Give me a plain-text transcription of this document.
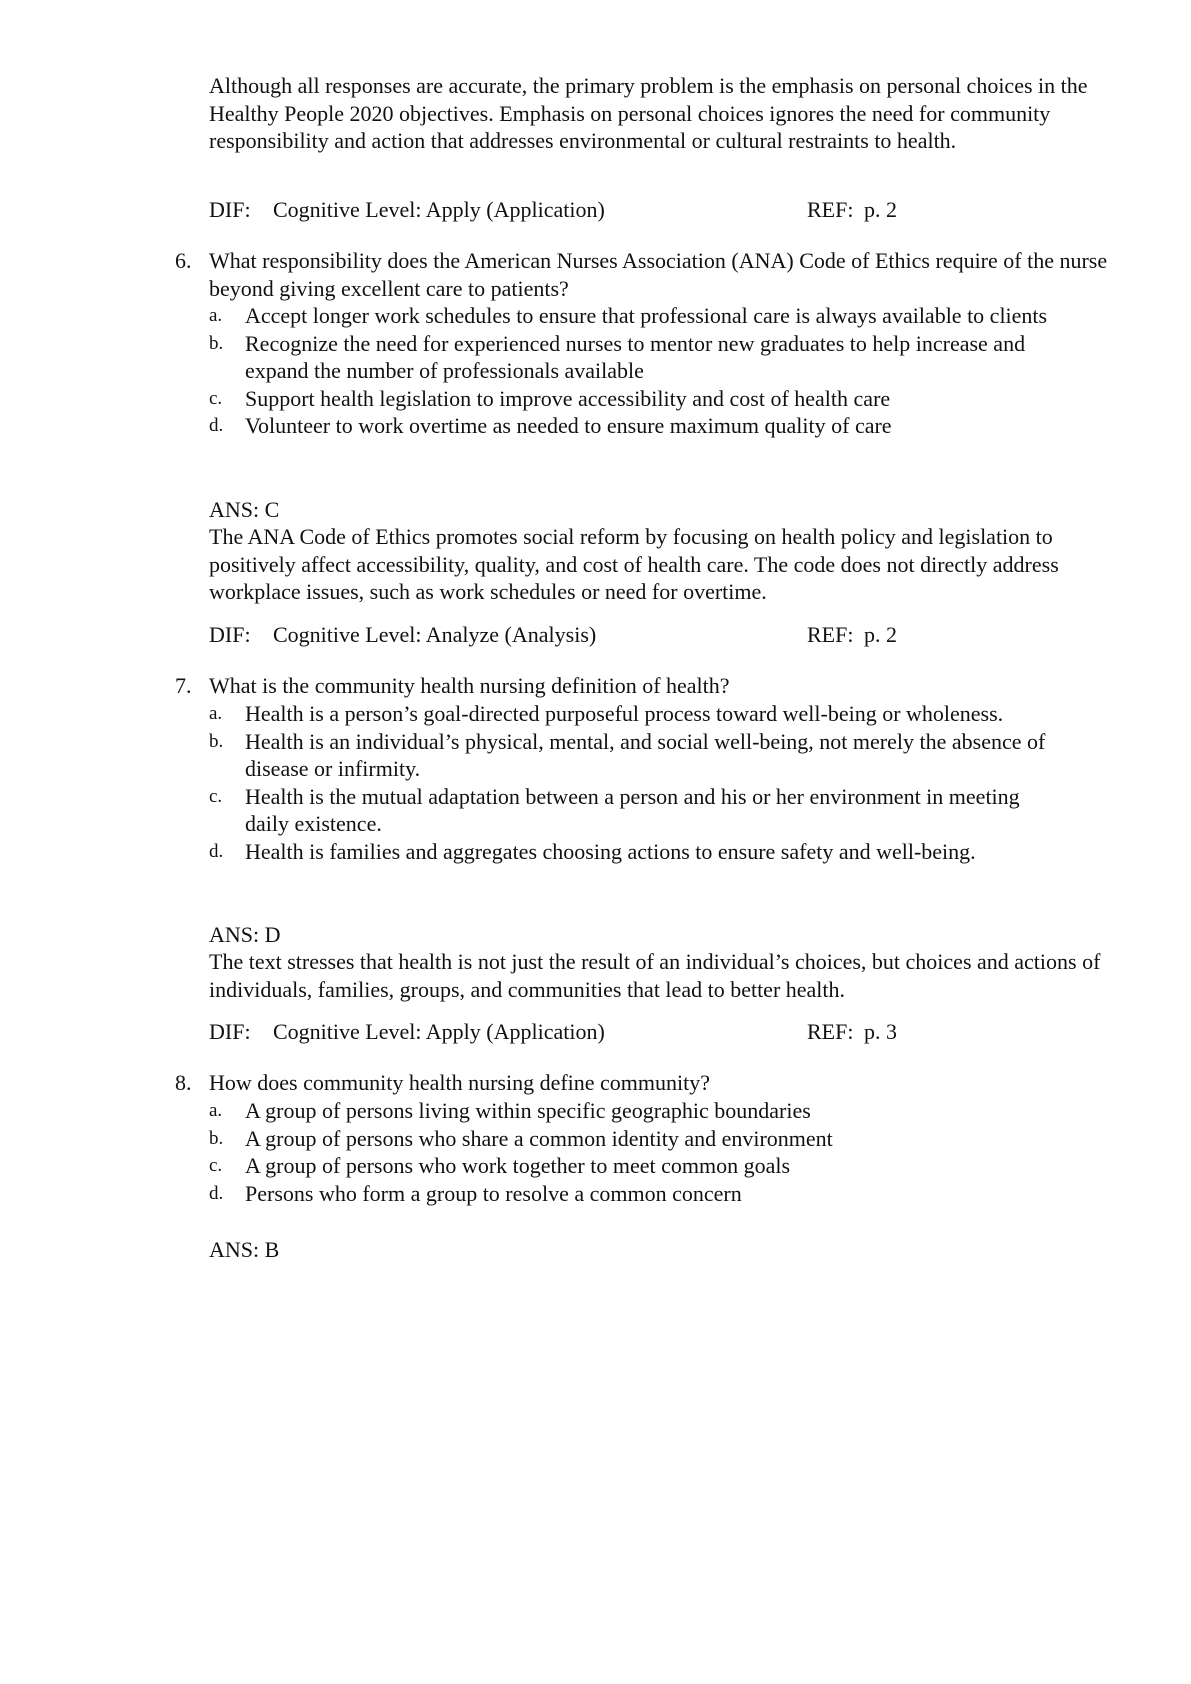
Although all responses are accurate, the primary problem is the emphasis on personal choices in the Healthy People 2020 objectives. Emphasis on personal choices ignores the need for community responsibility and action that addresses environmental or cultural restraints to health.
DIF: Cognitive Level: Apply (Application)	REF: p. 2
6. What responsibility does the American Nurses Association (ANA) Code of Ethics require of the nurse beyond giving excellent care to patients?
a. Accept longer work schedules to ensure that professional care is always available to clients
b. Recognize the need for experienced nurses to mentor new graduates to help increase and expand the number of professionals available
c. Support health legislation to improve accessibility and cost of health care
d. Volunteer to work overtime as needed to ensure maximum quality of care
ANS: C
The ANA Code of Ethics promotes social reform by focusing on health policy and legislation to positively affect accessibility, quality, and cost of health care. The code does not directly address workplace issues, such as work schedules or need for overtime.
DIF: Cognitive Level: Analyze (Analysis)	REF: p. 2
7. What is the community health nursing definition of health?
a. Health is a person’s goal-directed purposeful process toward well-being or wholeness.
b. Health is an individual’s physical, mental, and social well-being, not merely the absence of disease or infirmity.
c. Health is the mutual adaptation between a person and his or her environment in meeting daily existence.
d. Health is families and aggregates choosing actions to ensure safety and well-being.
ANS: D
The text stresses that health is not just the result of an individual’s choices, but choices and actions of individuals, families, groups, and communities that lead to better health.
DIF: Cognitive Level: Apply (Application)	REF: p. 3
8. How does community health nursing define community?
a. A group of persons living within specific geographic boundaries
b. A group of persons who share a common identity and environment
c. A group of persons who work together to meet common goals
d. Persons who form a group to resolve a common concern
ANS: B
